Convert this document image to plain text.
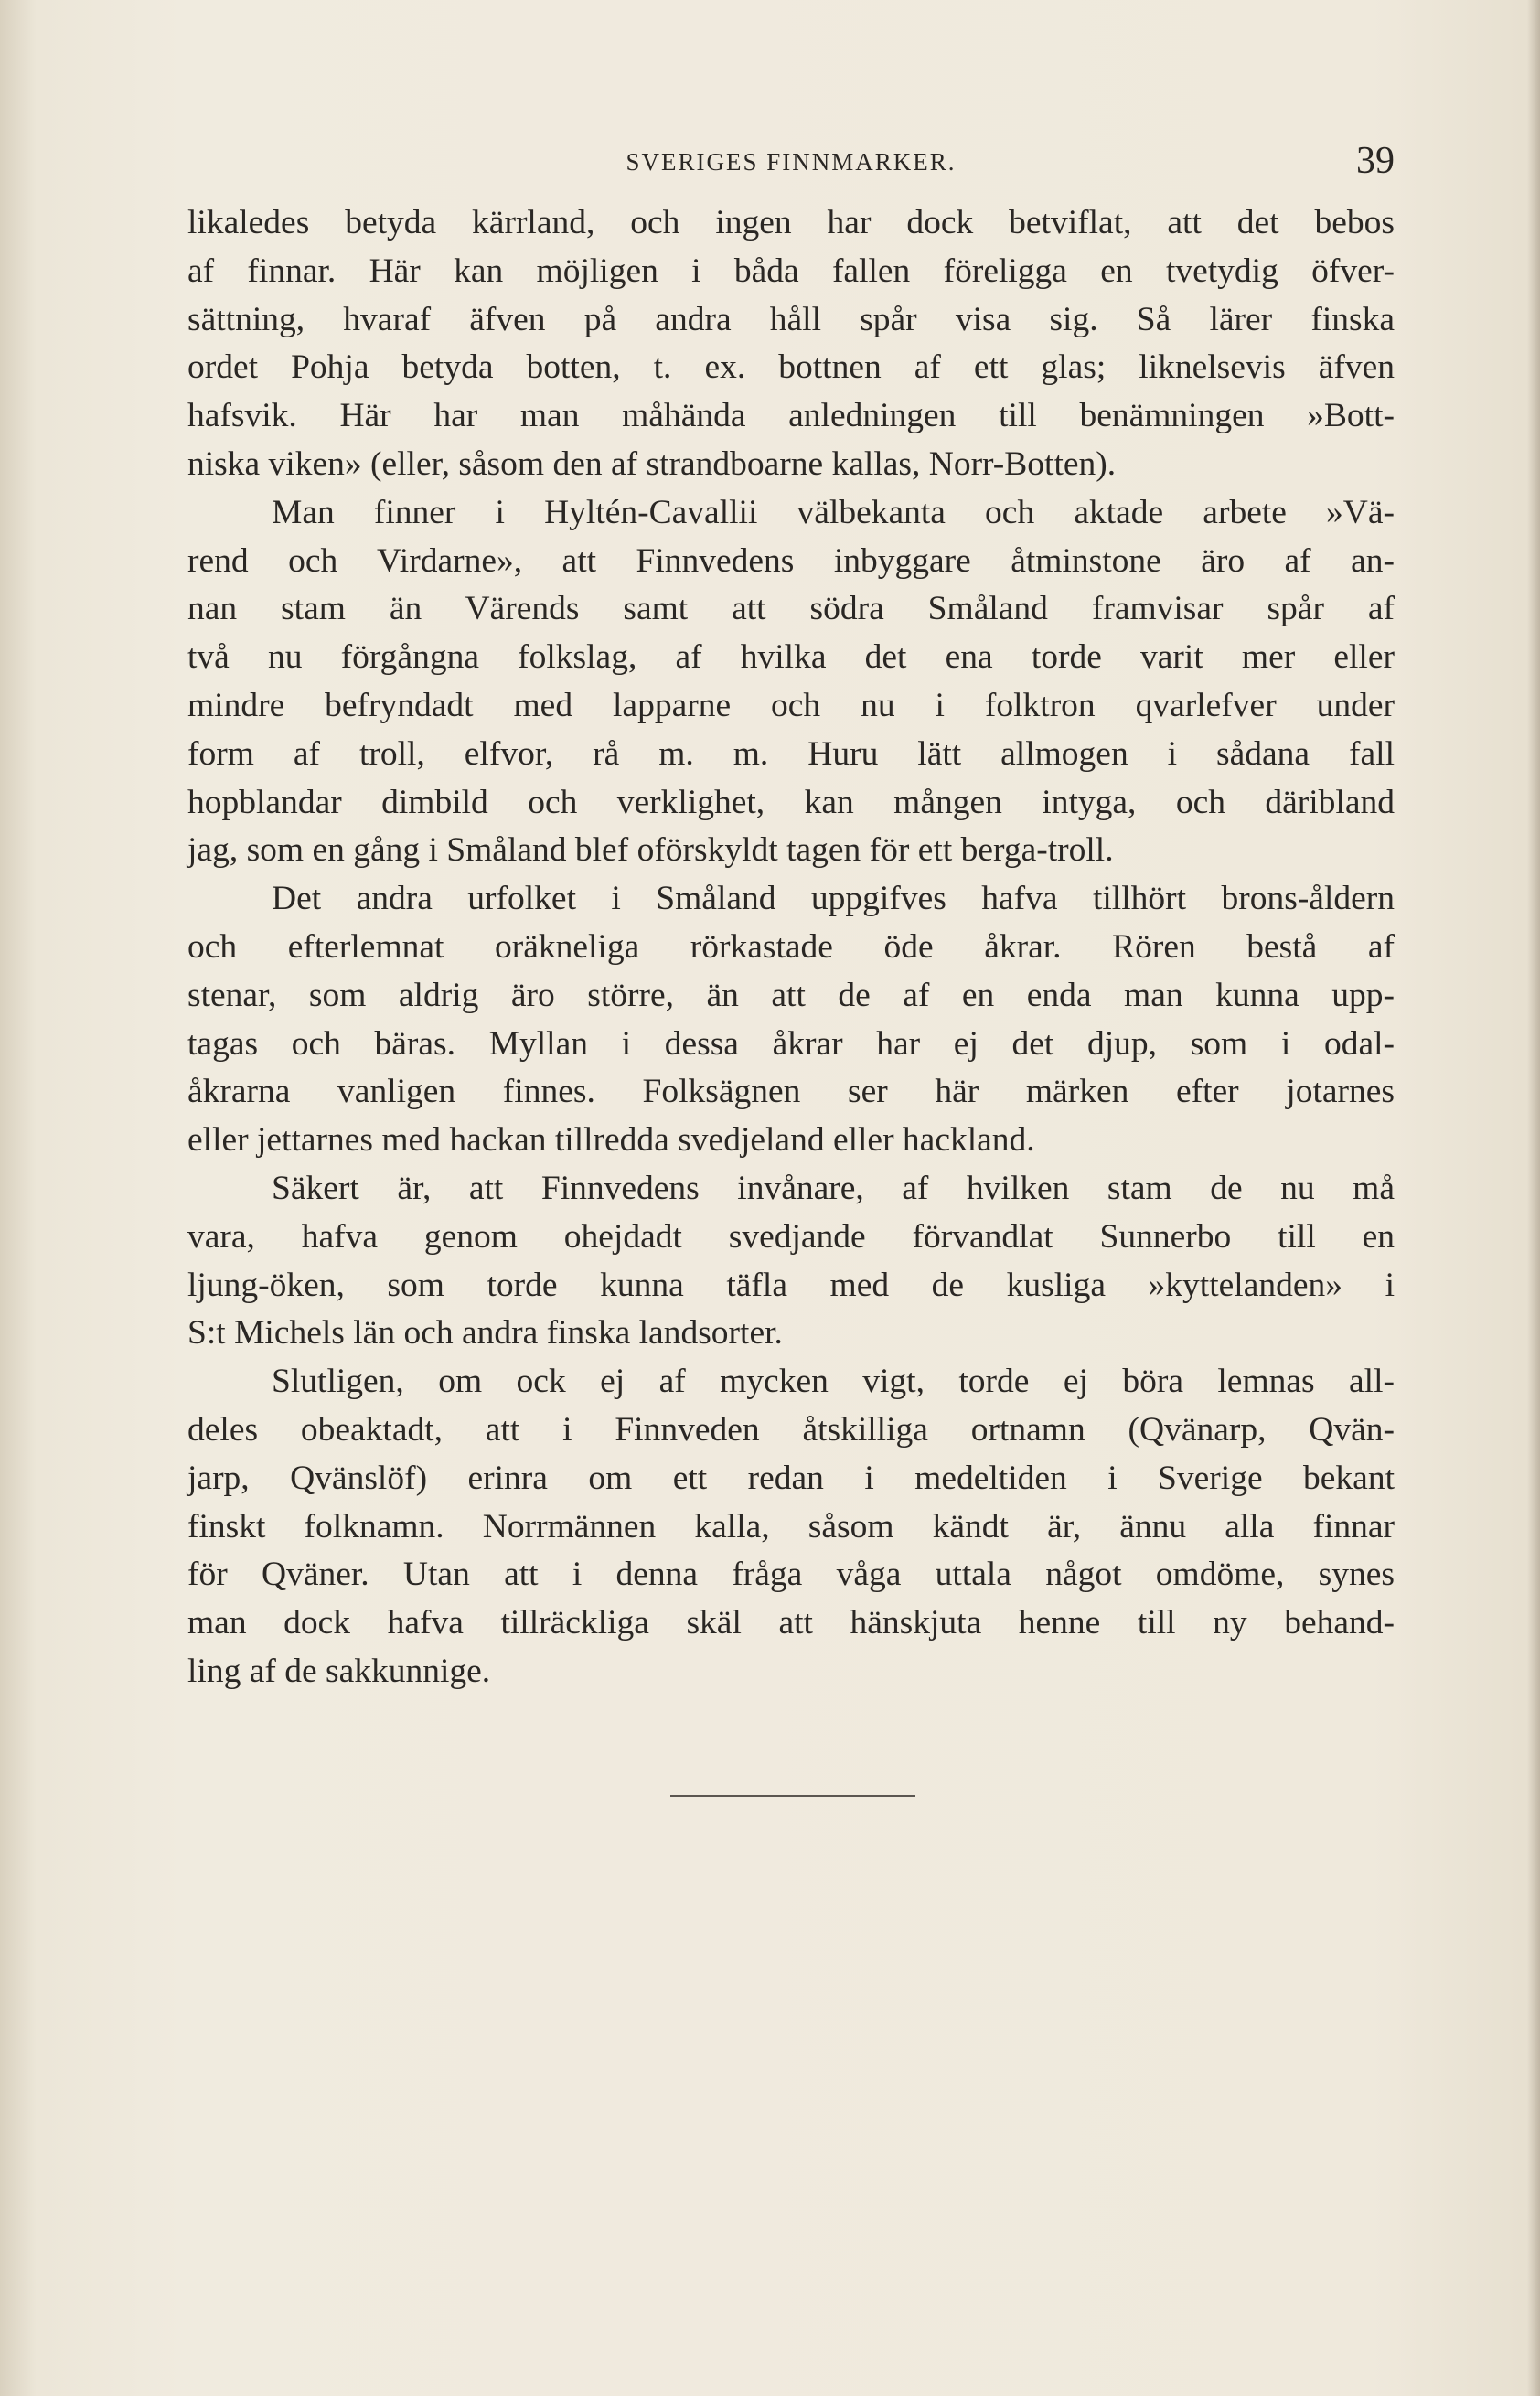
SVERIGES FINNMARKER.	39
likaledes betyda kärrland, och ingen har dock betviflat, att det bebos
af finnar. Här kan möjligen i båda fallen föreligga en tvetydig öfver-
sättning, hvaraf äfven på andra håll spår visa sig. Så lärer finska
ordet Pohja betyda botten, t. ex. bottnen af ett glas; liknelsevis äfven
hafsvik. Här har man måhända anledningen till benämningen »Bott-
niska viken» (eller, såsom den af strandboarne kallas, Norr-Botten).
Man finner i Hyltén-Cavallii välbekanta och aktade arbete »Vä-
rend och Virdarne», att Finnvedens inbyggare åtminstone äro af an-
nan stam än Värends samt att södra Småland framvisar spår af
två nu förgångna folkslag, af hvilka det ena torde varit mer eller
mindre befryndadt med lapparne och nu i folktron qvarlefver under
form af troll, elfvor, rå m. m. Huru lätt allmogen i sådana fall
hopblandar dimbild och verklighet, kan mången intyga, och däribland
jag, som en gång i Småland blef oförskyldt tagen för ett berga-troll.
Det andra urfolket i Småland uppgifves hafva tillhört brons-åldern
och efterlemnat oräkneliga rörkastade öde åkrar. Rören bestå af
stenar, som aldrig äro större, än att de af en enda man kunna upp-
tagas och bäras. Myllan i dessa åkrar har ej det djup, som i odal-
åkrarna vanligen finnes. Folksägnen ser här märken efter jotarnes
eller jettarnes med hackan tillredda svedjeland eller hackland.
Säkert är, att Finnvedens invånare, af hvilken stam de nu må
vara, hafva genom ohejdadt svedjande förvandlat Sunnerbo till en
ljung-öken, som torde kunna täfla med de kusliga »kyttelanden» i
S:t Michels län och andra finska landsorter.
Slutligen, om ock ej af mycken vigt, torde ej böra lemnas all-
deles obeaktadt, att i Finnveden åtskilliga ortnamn (Qvänarp, Qvän-
jarp, Qvänslöf) erinra om ett redan i medeltiden i Sverige bekant
finskt folknamn. Norrmännen kalla, såsom kändt är, ännu alla finnar
för Qväner. Utan att i denna fråga våga uttala något omdöme, synes
man dock hafva tillräckliga skäl att hänskjuta henne till ny behand-
ling af de sakkunnige.
